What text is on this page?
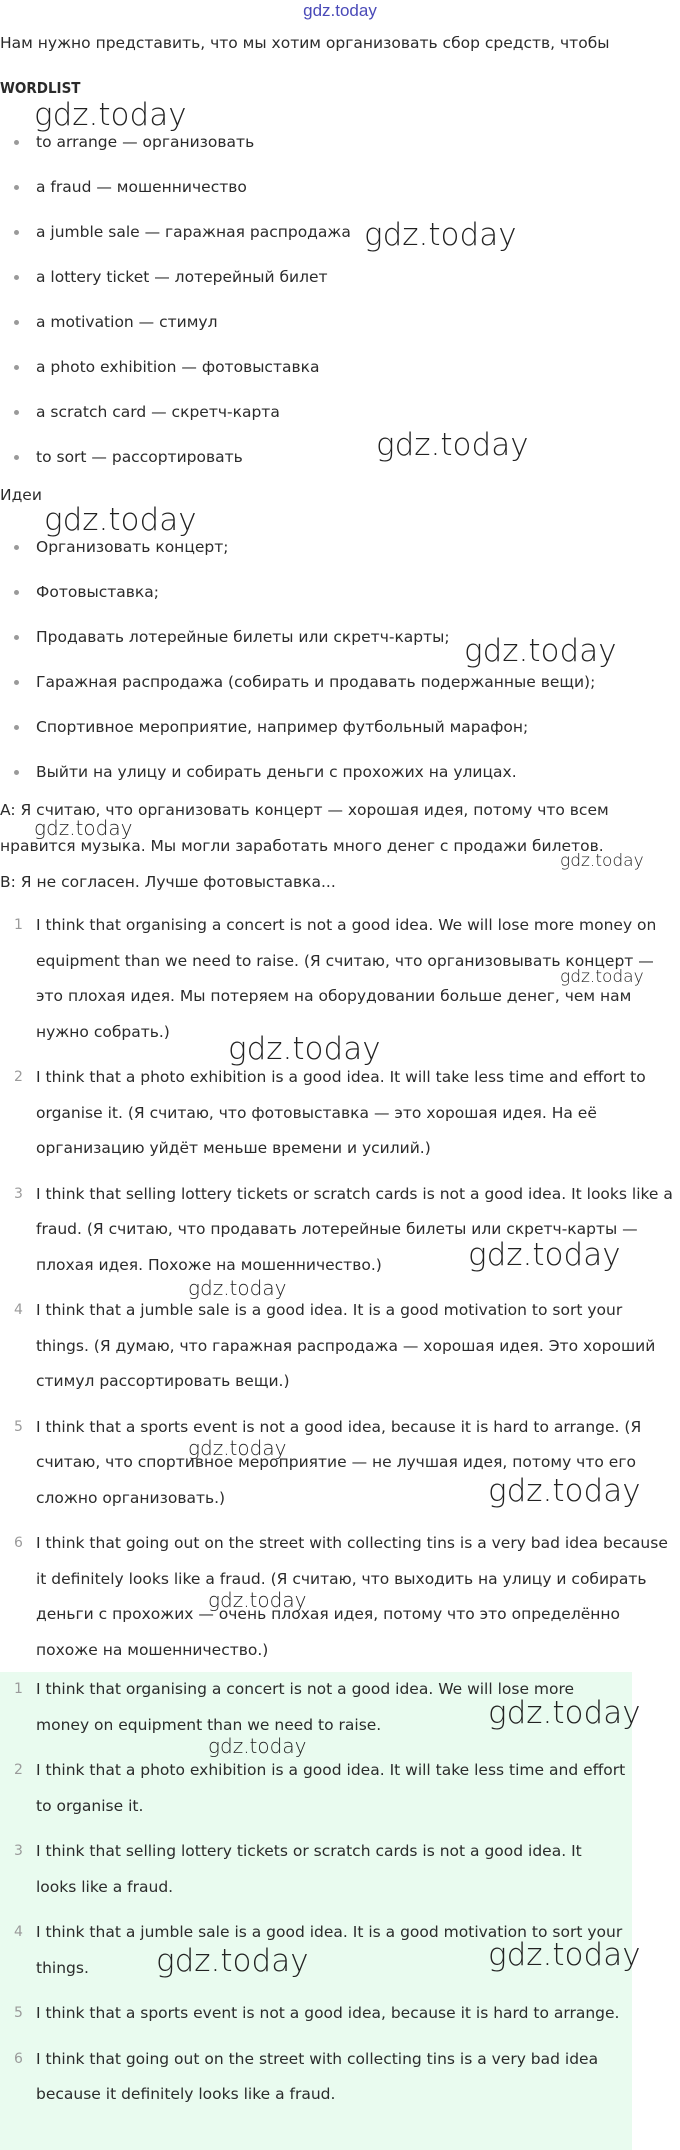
gdz.today
Нам нужно представить, что мы хотим организовать сбор средств, чтобы
WORDLIST
to arrange — организовать
a fraud — мошенничество
a jumble sale — гаражная распродажа
a lottery ticket — лотерейный билет
a motivation — стимул
a photo exhibition — фотовыставка
a scratch card — скретч-карта
to sort — рассортировать
Идеи
Организовать концерт;
Фотовыставка;
Продавать лотерейные билеты или скретч-карты;
Гаражная распродажа (собирать и продавать подержанные вещи);
Спортивное мероприятие, например футбольный марафон;
Выйти на улицу и собирать деньги с прохожих на улицах.
A: Я считаю, что организовать концерт — хорошая идея, потому что всем
нравится музыка. Мы могли заработать много денег с продажи билетов.
B: Я не согласен. Лучше фотовыставка...
1 I think that organising a concert is not a good idea. We will lose more money on equipment than we need to raise. (Я считаю, что организовывать концерт — это плохая идея. Мы потеряем на оборудовании больше денег, чем нам нужно собрать.)
2 I think that a photo exhibition is a good idea. It will take less time and effort to organise it. (Я считаю, что фотовыставка — это хорошая идея. На её организацию уйдёт меньше времени и усилий.)
3 I think that selling lottery tickets or scratch cards is not a good idea. It looks like a fraud. (Я считаю, что продавать лотерейные билеты или скретч-карты — плохая идея. Похоже на мошенничество.)
4 I think that a jumble sale is a good idea. It is a good motivation to sort your things. (Я думаю, что гаражная распродажа — хорошая идея. Это хороший стимул рассортировать вещи.)
5 I think that a sports event is not a good idea, because it is hard to arrange. (Я считаю, что спортивное мероприятие — не лучшая идея, потому что его сложно организовать.)
6 I think that going out on the street with collecting tins is a very bad idea because it definitely looks like a fraud. (Я считаю, что выходить на улицу и собирать деньги с прохожих — очень плохая идея, потому что это определённо похоже на мошенничество.)
1 I think that organising a concert is not a good idea. We will lose more money on equipment than we need to raise.
2 I think that a photo exhibition is a good idea. It will take less time and effort to organise it.
3 I think that selling lottery tickets or scratch cards is not a good idea. It looks like a fraud.
4 I think that a jumble sale is a good idea. It is a good motivation to sort your things.
5 I think that a sports event is not a good idea, because it is hard to arrange.
6 I think that going out on the street with collecting tins is a very bad idea because it definitely looks like a fraud.
gdz.today
gdz.today
gdz.today
gdz.today
gdz.today
gdz.today
gdz.today
gdz.today
gdz.today
gdz.today
gdz.today
gdz.today
gdz.today
gdz.today
gdz.today
gdz.today
gdz.today
gdz.today
